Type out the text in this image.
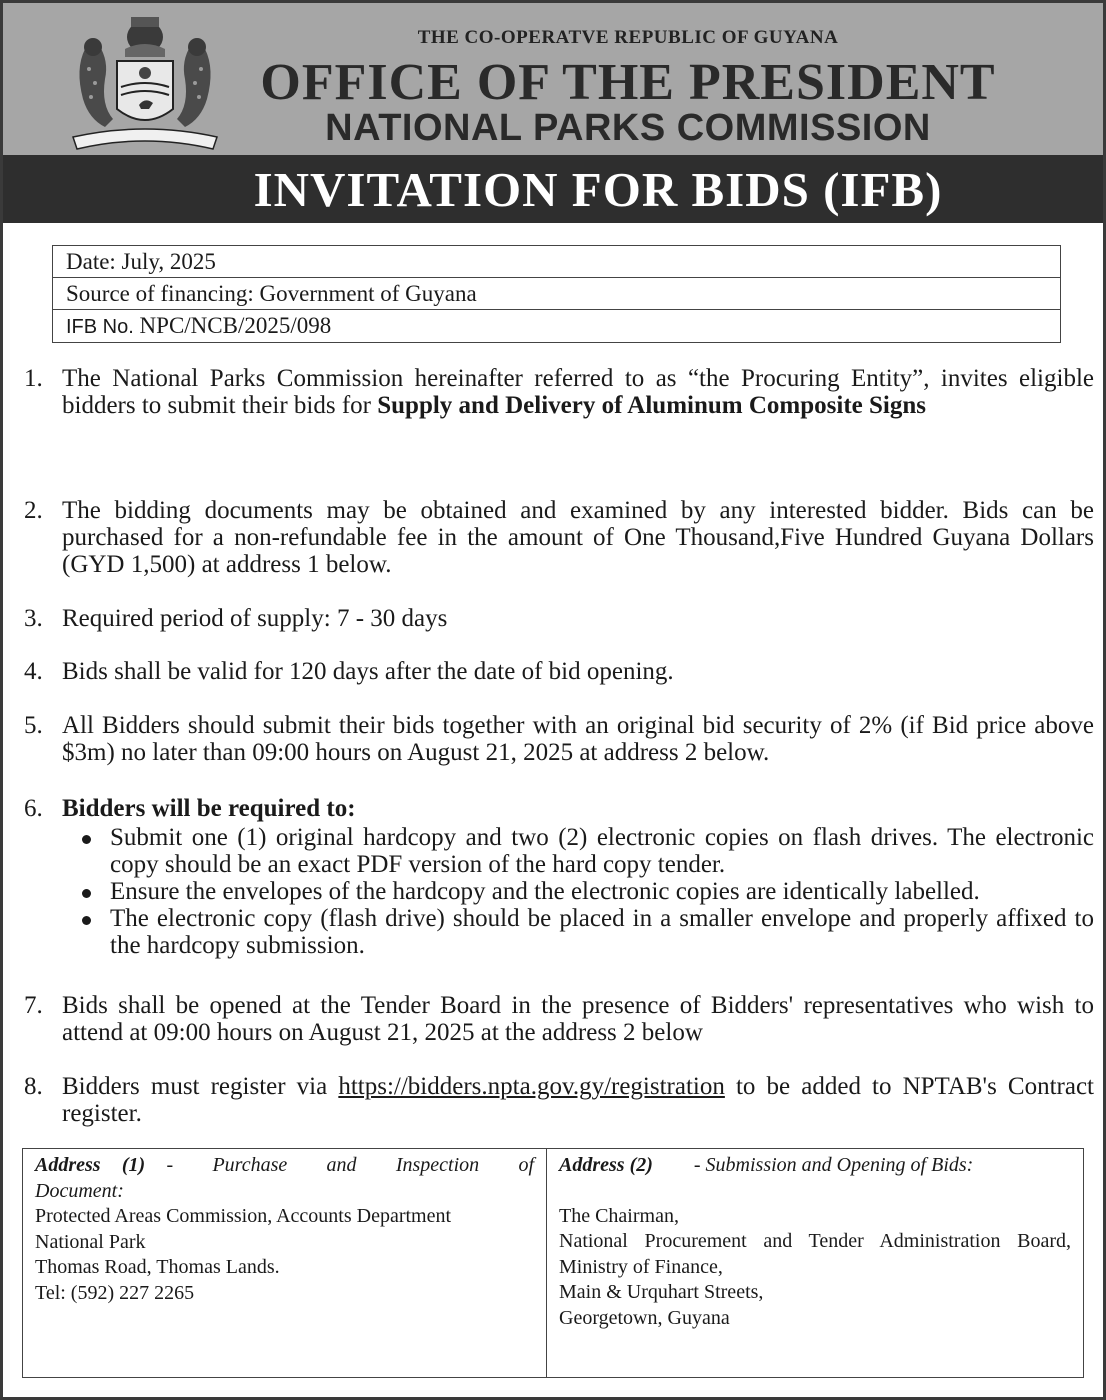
THE CO-OPERATVE REPUBLIC OF GUYANA
OFFICE OF THE PRESIDENT
NATIONAL PARKS COMMISSION
INVITATION FOR BIDS (IFB)
Date: July, 2025
Source of financing: Government of Guyana
IFB No. NPC/NCB/2025/098
1. The National Parks Commission hereinafter referred to as “the Procuring Entity”, invites eligible bidders to submit their bids for Supply and Delivery of Aluminum Composite Signs
2. The bidding documents may be obtained and examined by any interested bidder. Bids can be purchased for a non-refundable fee in the amount of One Thousand,Five Hundred Guyana Dollars (GYD 1,500) at address 1 below.
3. Required period of supply: 7 - 30 days
4. Bids shall be valid for 120 days after the date of bid opening.
5. All Bidders should submit their bids together with an original bid security of 2% (if Bid price above $3m) no later than 09:00 hours on August 21, 2025 at address 2 below.
6. Bidders will be required to:
Submit one (1) original hardcopy and two (2) electronic copies on flash drives. The electronic copy should be an exact PDF version of the hard copy tender.
Ensure the envelopes of the hardcopy and the electronic copies are identically labelled.
The electronic copy (flash drive) should be placed in a smaller envelope and properly affixed to the hardcopy submission.
7. Bids shall be opened at the Tender Board in the presence of Bidders' representatives who wish to attend at 09:00 hours on August 21, 2025 at the address 2 below
8. Bidders must register via https://bidders.npta.gov.gy/registration to be added to NPTAB's Contract register.
Address (1) - Purchase and Inspection of Document:
Protected Areas Commission, Accounts Department
National Park
Thomas Road, Thomas Lands.
Tel: (592) 227 2265
Address (2) - Submission and Opening of Bids:
The Chairman,
National Procurement and Tender Administration Board,
Ministry of Finance,
Main & Urquhart Streets,
Georgetown, Guyana
